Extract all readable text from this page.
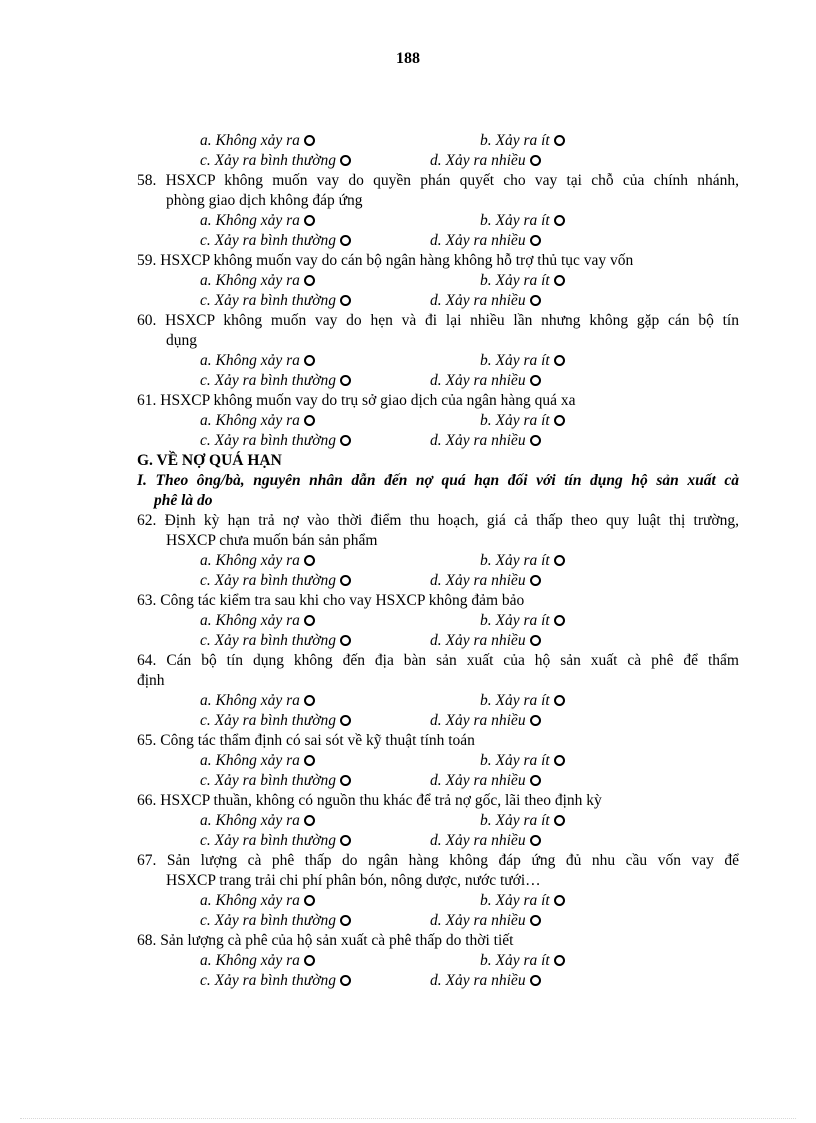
188
a. Không xảy ra	b. Xảy ra ít
c. Xảy ra bình thường	d. Xảy ra nhiều
58. HSXCP không muốn vay do quyền phán quyết cho vay tại chỗ của chính nhánh,
phòng giao dịch không đáp ứng
a. Không xảy ra	b. Xảy ra ít
c. Xảy ra bình thường	d. Xảy ra nhiều
59. HSXCP không muốn vay do cán bộ ngân hàng không hỗ trợ thủ tục vay vốn
a. Không xảy ra	b. Xảy ra ít
c. Xảy ra bình thường	d. Xảy ra nhiều
60. HSXCP không muốn vay do hẹn và đi lại nhiều lần nhưng không gặp cán bộ tín
dụng
a. Không xảy ra	b. Xảy ra ít
c. Xảy ra bình thường	d. Xảy ra nhiều
61. HSXCP không muốn vay do trụ sở giao dịch của ngân hàng quá xa
a. Không xảy ra	b. Xảy ra ít
c. Xảy ra bình thường	d. Xảy ra nhiều
G. VỀ NỢ QUÁ HẠN
I. Theo ông/bà, nguyên nhân dẫn đến nợ quá hạn đối với tín dụng hộ sản xuất cà
phê là do
62. Định kỳ hạn trả nợ vào thời điểm thu hoạch, giá cả thấp theo quy luật thị trường,
HSXCP chưa muốn bán sản phẩm
a. Không xảy ra	b. Xảy ra ít
c. Xảy ra bình thường	d. Xảy ra nhiều
63. Công tác kiểm tra sau khi cho vay HSXCP không đảm bảo
a. Không xảy ra	b. Xảy ra ít
c. Xảy ra bình thường	d. Xảy ra nhiều
64. Cán bộ tín dụng không đến địa bàn sản xuất của hộ sản xuất cà phê để thẩm
định
a. Không xảy ra	b. Xảy ra ít
c. Xảy ra bình thường	d. Xảy ra nhiều
65. Công tác thẩm định có sai sót về kỹ thuật tính toán
a. Không xảy ra	b. Xảy ra ít
c. Xảy ra bình thường	d. Xảy ra nhiều
66. HSXCP thuần, không có nguồn thu khác để trả nợ gốc, lãi theo định kỳ
a. Không xảy ra	b. Xảy ra ít
c. Xảy ra bình thường	d. Xảy ra nhiều
67. Sản lượng cà phê thấp do ngân hàng không đáp ứng đủ nhu cầu vốn vay để
HSXCP trang trải chi phí phân bón, nông dược, nước tưới…
a. Không xảy ra	b. Xảy ra ít
c. Xảy ra bình thường	d. Xảy ra nhiều
68. Sản lượng cà phê của hộ sản xuất cà phê thấp do thời tiết
a. Không xảy ra	b. Xảy ra ít
c. Xảy ra bình thường	d. Xảy ra nhiều
